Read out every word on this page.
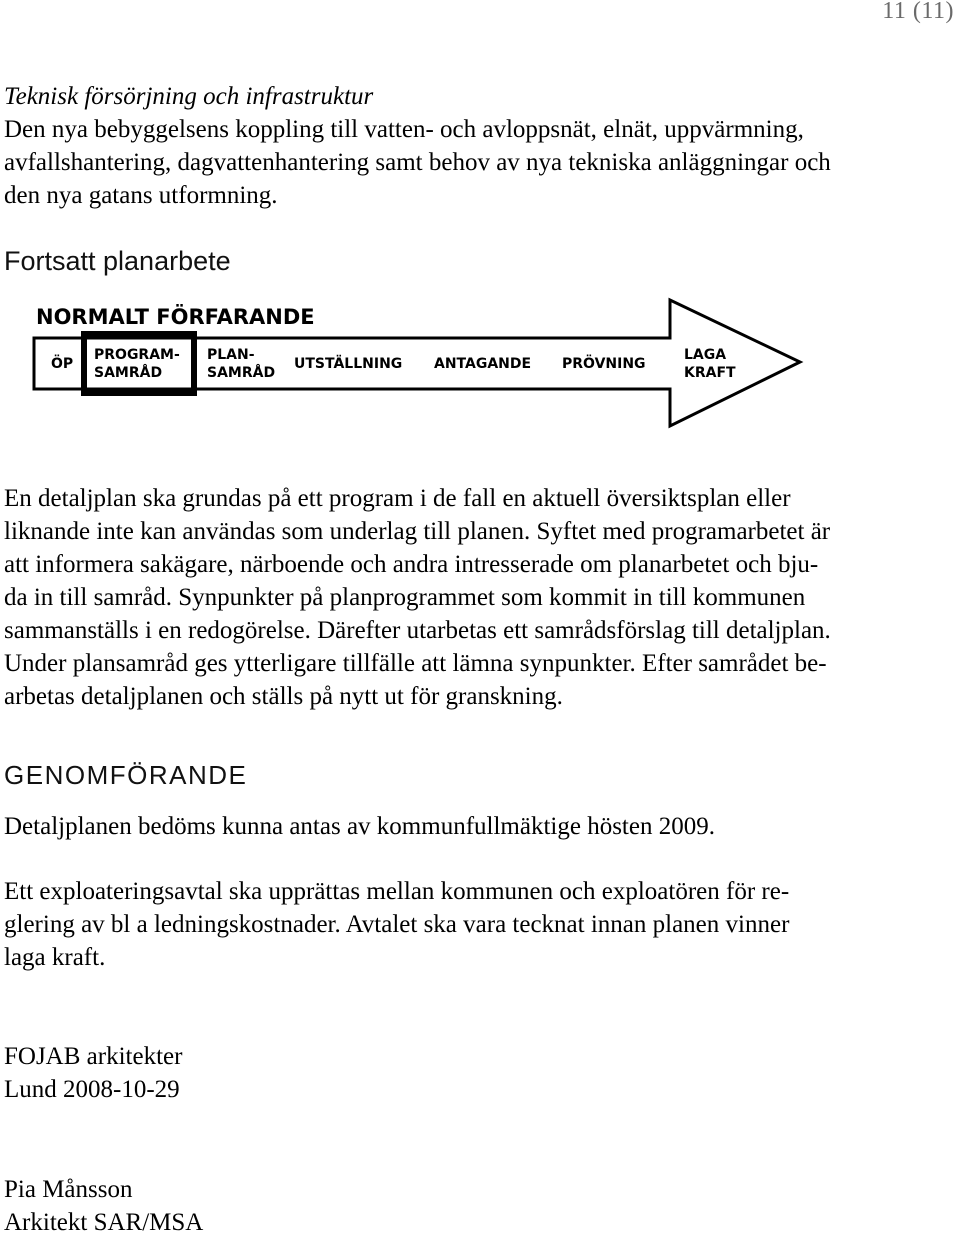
11 (11)

Teknisk försörjning och infrastruktur

Den nya bebyggelsens koppling till vatten- och avloppsnät, elnät, uppvärmning,

avfallshantering, dagvattenhantering samt behov av nya tekniska anläggningar och

den nya gatans utformning.

Fortsatt planarbete
NORMALT FÖRFARANDE
ÖP
PROGRAM-
SAMRÅD
PLAN-
SAMRÅD
UTSTÄLLNING ANTAGANDE PRÖVNING
LAGA
KRAFT

En detaljplan ska grundas på ett program i de fall en aktuell översiktsplan eller

liknande inte kan användas som underlag till planen. Syftet med programarbetet är

att informera sakägare, närboende och andra intresserade om planarbetet och bju-

da in till samråd. Synpunkter på planprogrammet som kommit in till kommunen

sammanställs i en redogörelse. Därefter utarbetas ett samrådsförslag till detaljplan.

Under plansamråd ges ytterligare tillfälle att lämna synpunkter. Efter samrådet be-

arbetas detaljplanen och ställs på nytt ut för granskning.

GENOMFÖRANDE

Detaljplanen bedöms kunna antas av kommunfullmäktige hösten 2009.

Ett exploateringsavtal ska upprättas mellan kommunen och exploatören för re-

glering av bl a ledningskostnader. Avtalet ska vara tecknat innan planen vinner

laga kraft.

FOJAB arkitekter

Lund 2008-10-29

Pia Månsson

Arkitekt SAR/MSA
